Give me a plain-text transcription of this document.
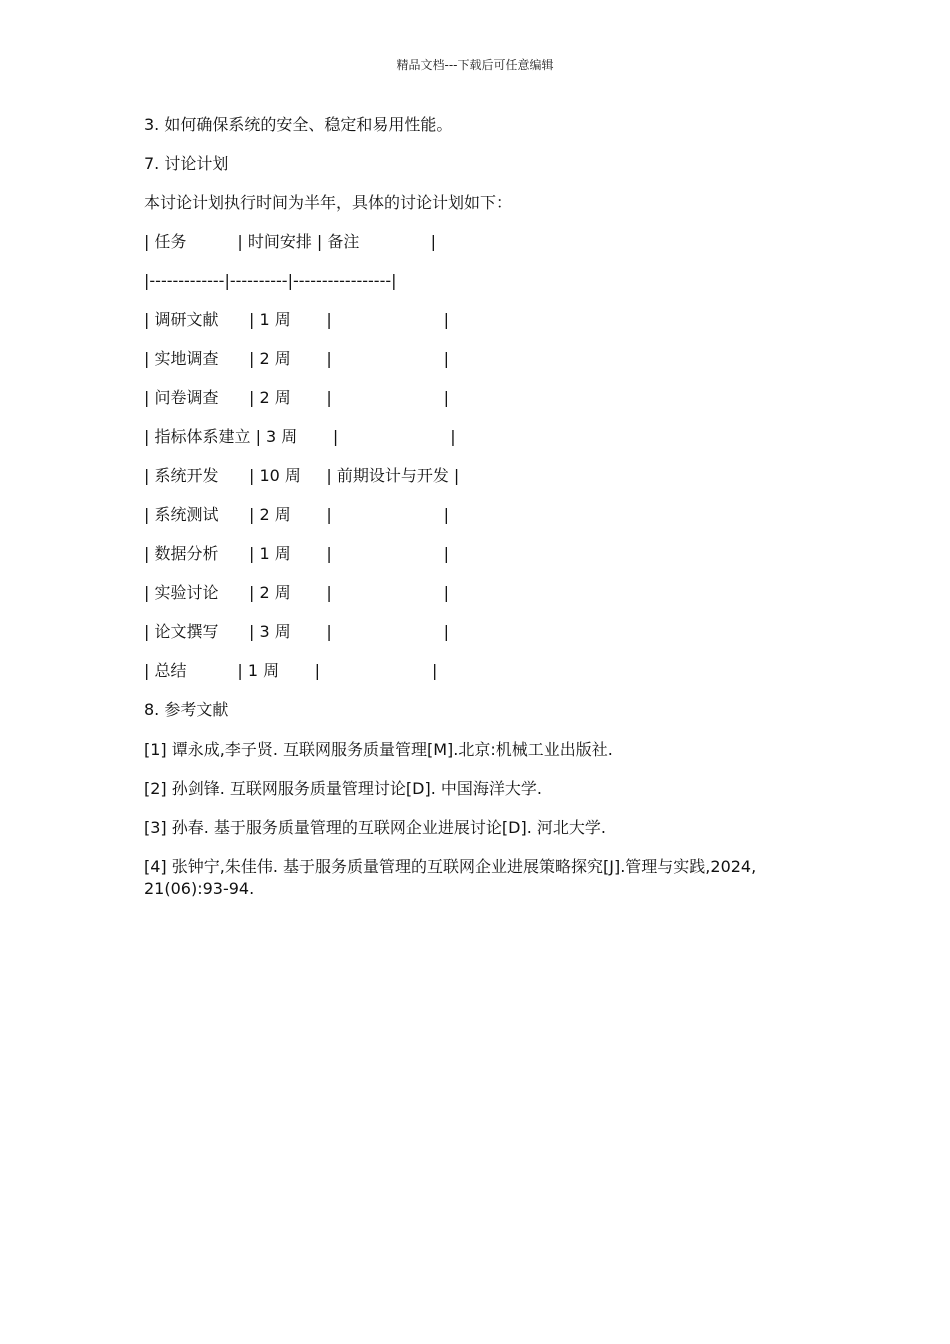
精品文档---下载后可任意编辑
3. 如何确保系统的安全、稳定和易用性能。
7. 讨论计划
本讨论计划执行时间为半年，具体的讨论计划如下：
| 任务          | 时间安排 | 备注              |
|-------------|----------|-----------------|
| 调研文献      | 1 周       |                      |
| 实地调查      | 2 周       |                      |
| 问卷调查      | 2 周       |                      |
| 指标体系建立 | 3 周       |                      |
| 系统开发      | 10 周     | 前期设计与开发 |
| 系统测试      | 2 周       |                      |
| 数据分析      | 1 周       |                      |
| 实验讨论      | 2 周       |                      |
| 论文撰写      | 3 周       |                      |
| 总结          | 1 周       |                      |
8. 参考文献
[1] 谭永成,李子贤. 互联网服务质量管理[M].北京:机械工业出版社.
[2] 孙剑锋. 互联网服务质量管理讨论[D]. 中国海洋大学.
[3] 孙春. 基于服务质量管理的互联网企业进展讨论[D]. 河北大学.
[4] 张钟宁,朱佳伟. 基于服务质量管理的互联网企业进展策略探究[J].管理与实践,2024,21(06):93-94.
